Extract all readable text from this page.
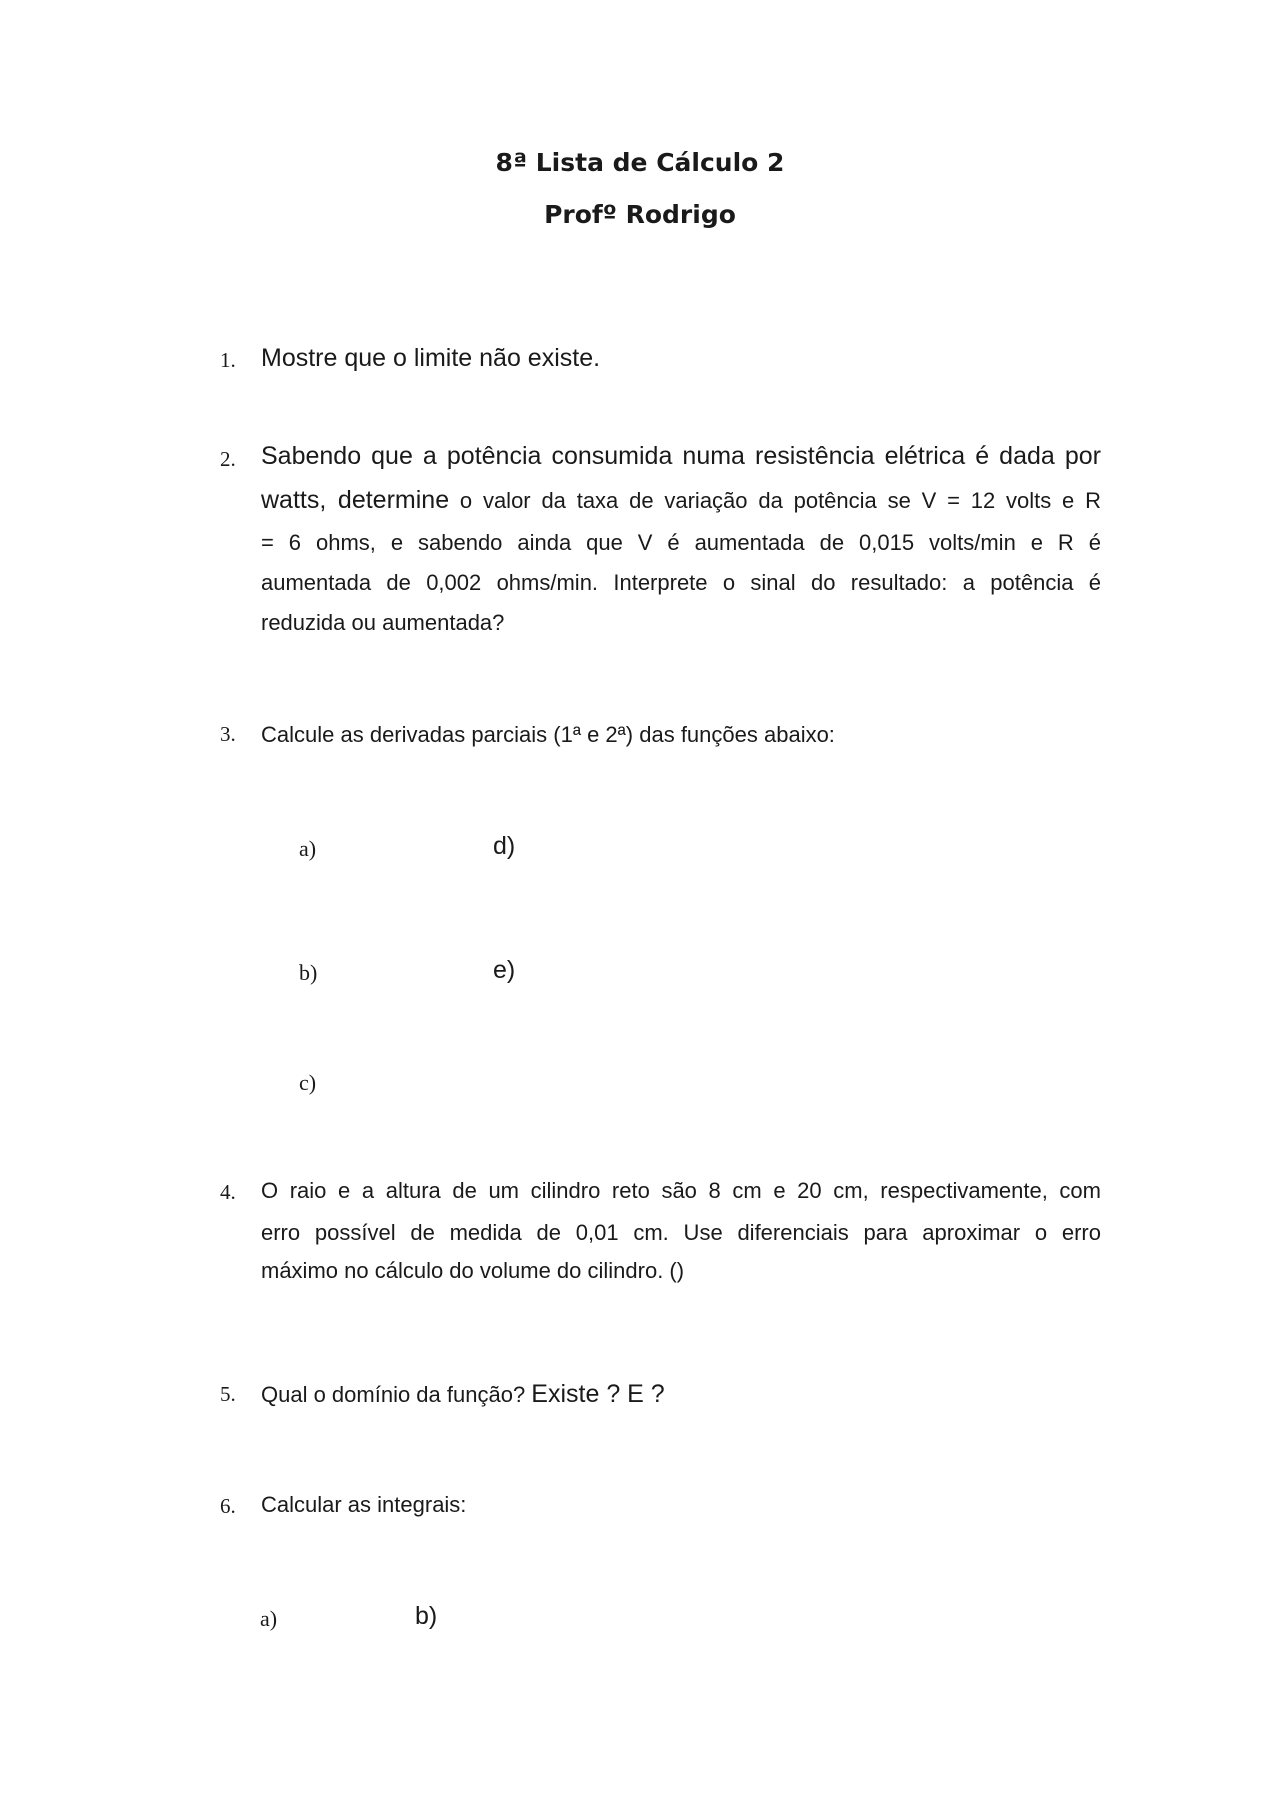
8ª Lista de Cálculo 2
Profº Rodrigo
1. Mostre que o limite não existe.
2. Sabendo que a potência consumida numa resistência elétrica é dada por
watts, determine o valor da taxa de variação da potência se V = 12 volts e R
= 6 ohms, e sabendo ainda que V é aumentada de 0,015 volts/min e R é
aumentada de 0,002 ohms/min. Interprete o sinal do resultado: a potência é
reduzida ou aumentada?
3. Calcule as derivadas parciais (1ª e 2ª) das funções abaixo:
a)	d)
b)	e)
c)
4. O raio e a altura de um cilindro reto são 8 cm e 20 cm, respectivamente, com
erro possível de medida de 0,01 cm. Use diferenciais para aproximar o erro
máximo no cálculo do volume do cilindro. ()
5. Qual o domínio da função? Existe ? E ?
6. Calcular as integrais:
a)	b)
